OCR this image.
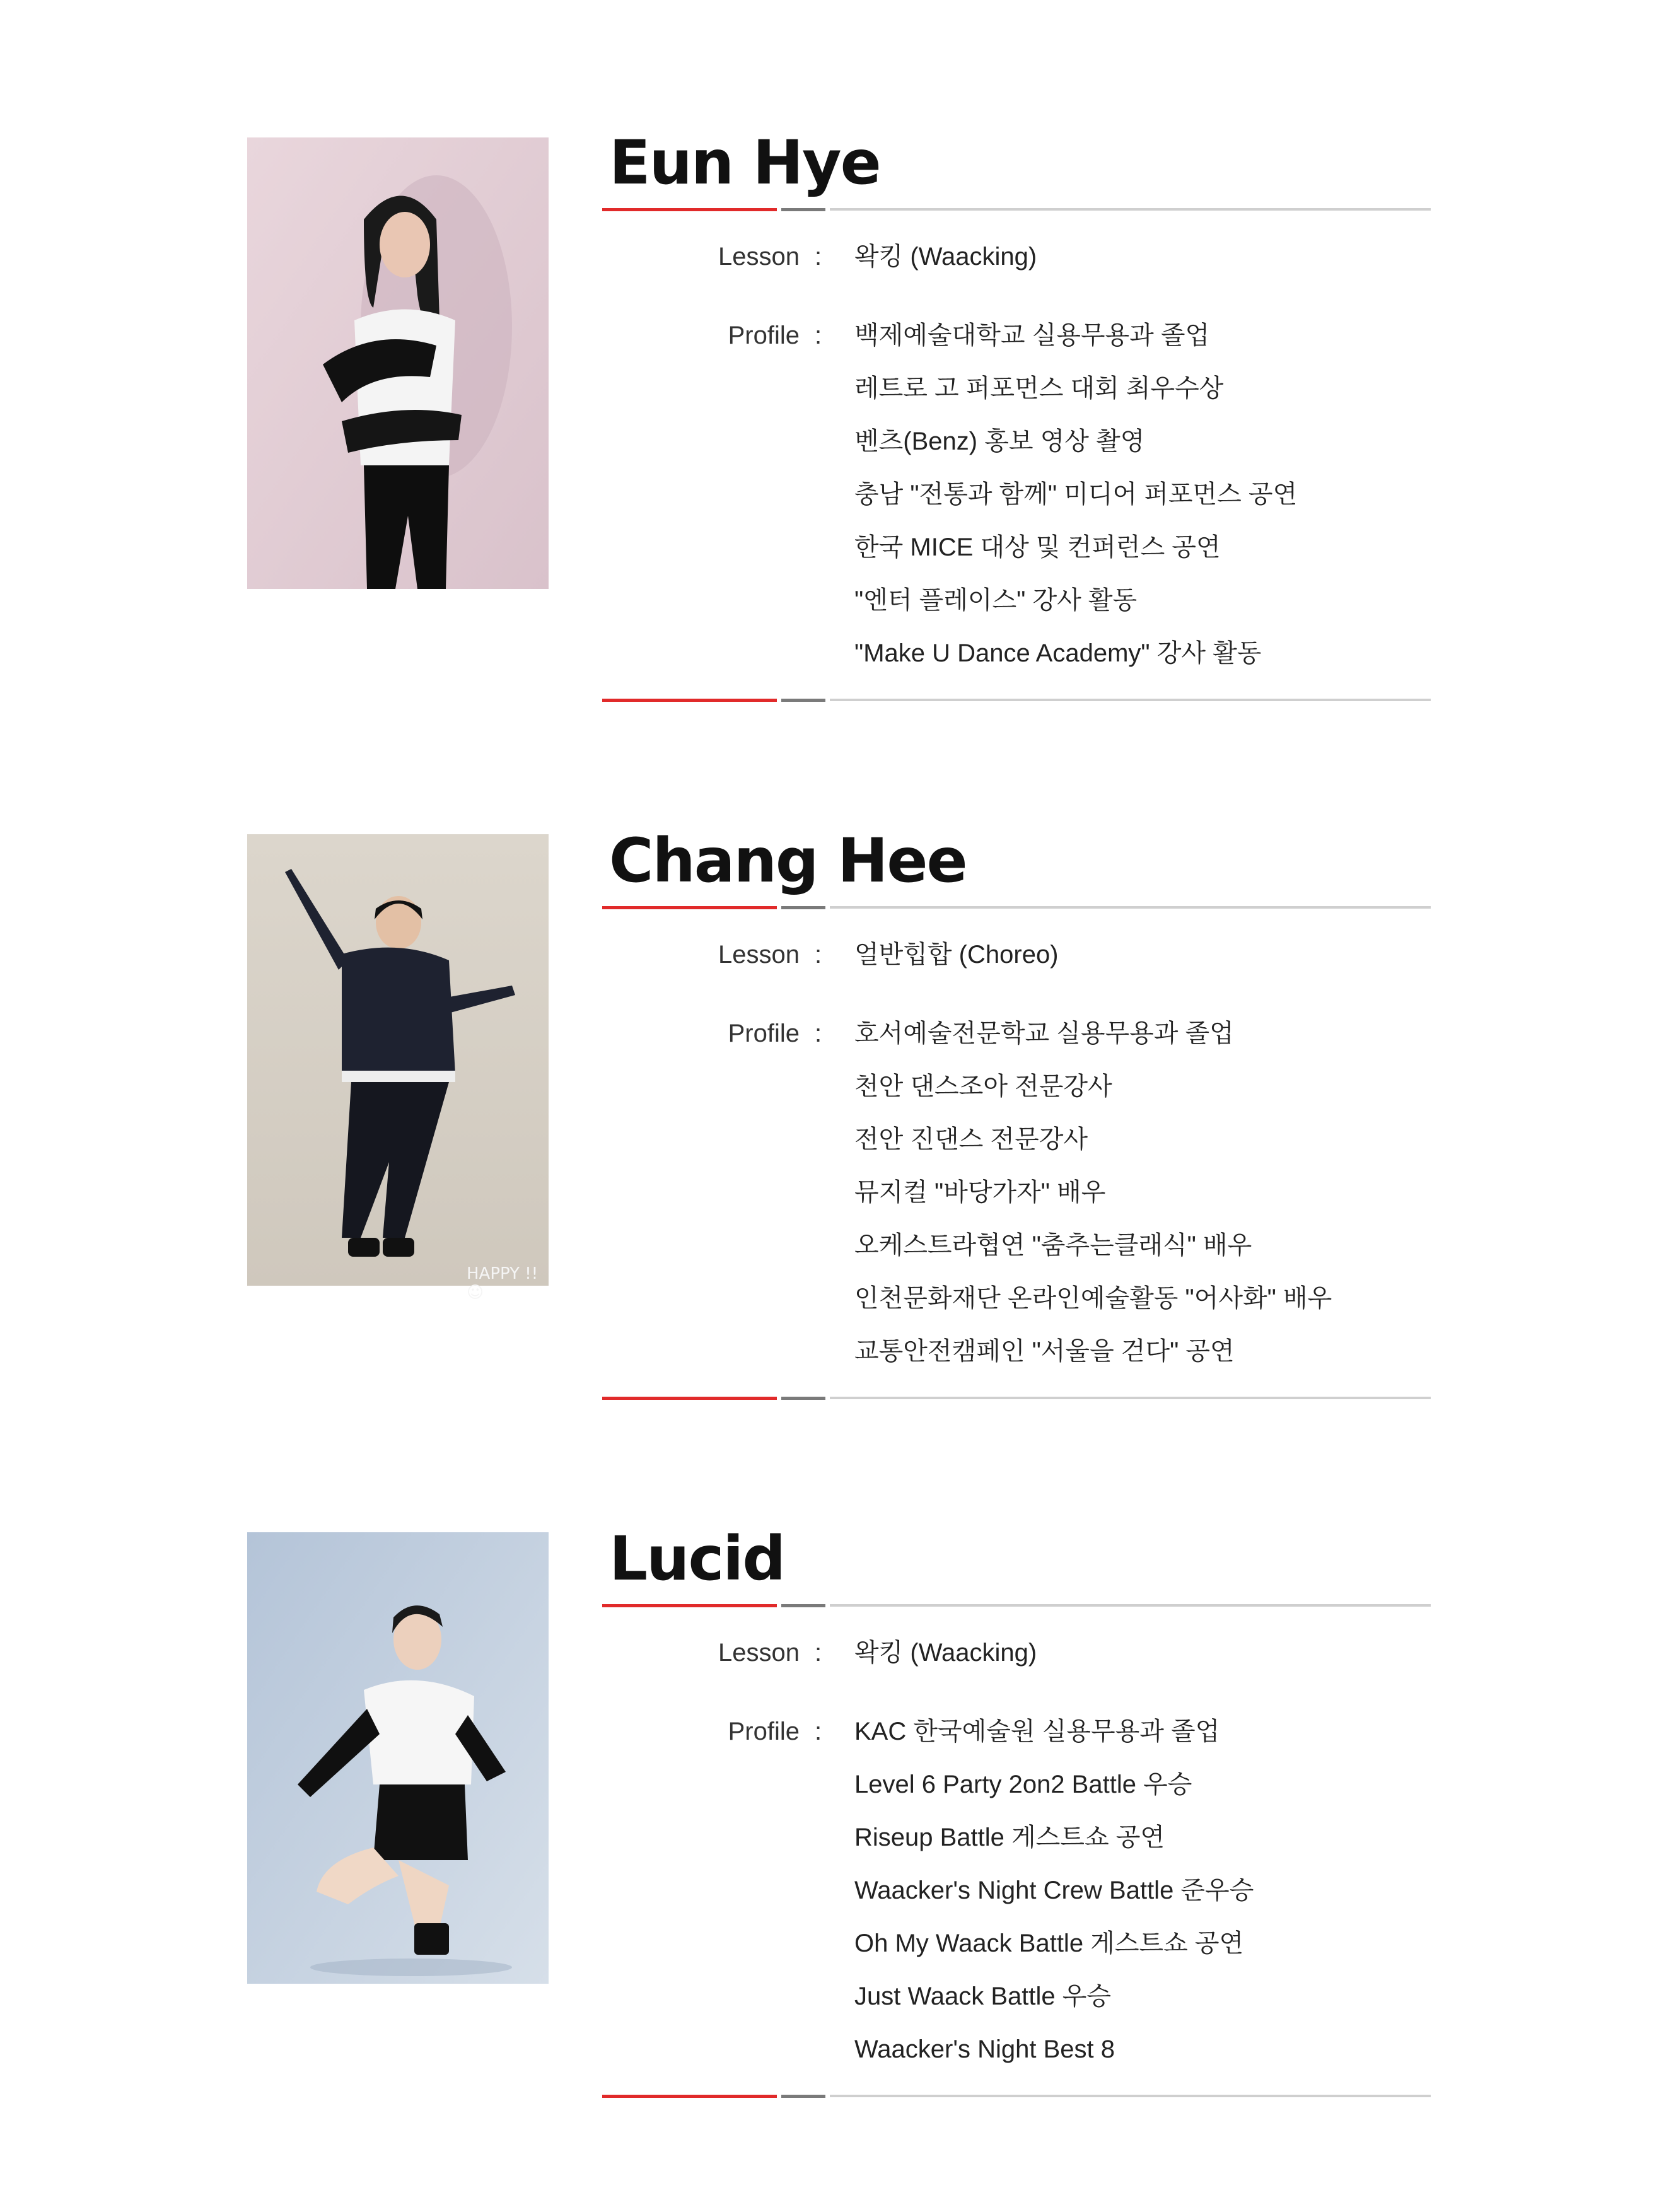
Eun Hye
Lesson : 왁킹 (Waacking)
Profile : 백제예술대학교 실용무용과 졸업
레트로 고 퍼포먼스 대회 최우수상
벤츠(Benz) 홍보 영상 촬영
충남 "전통과 함께" 미디어 퍼포먼스 공연
한국 MICE 대상 및 컨퍼런스 공연
"엔터 플레이스" 강사 활동
"Make U Dance Academy" 강사 활동
HAPPY !! ☺
Chang Hee
Lesson : 얼반힙합 (Choreo)
Profile : 호서예술전문학교 실용무용과 졸업
천안 댄스조아 전문강사
전안 진댄스 전문강사
뮤지컬 "바당가자" 배우
오케스트라협연 "춤추는클래식" 배우
인천문화재단 온라인예술활동 "어사화" 배우
교통안전캠페인 "서울을 걷다" 공연
Lucid
Lesson : 왁킹 (Waacking)
Profile : KAC 한국예술원 실용무용과 졸업
Level 6 Party 2on2 Battle 우승
Riseup Battle 게스트쇼 공연
Waacker's Night Crew Battle 준우승
Oh My Waack Battle 게스트쇼 공연
Just Waack Battle 우승
Waacker's Night Best 8
